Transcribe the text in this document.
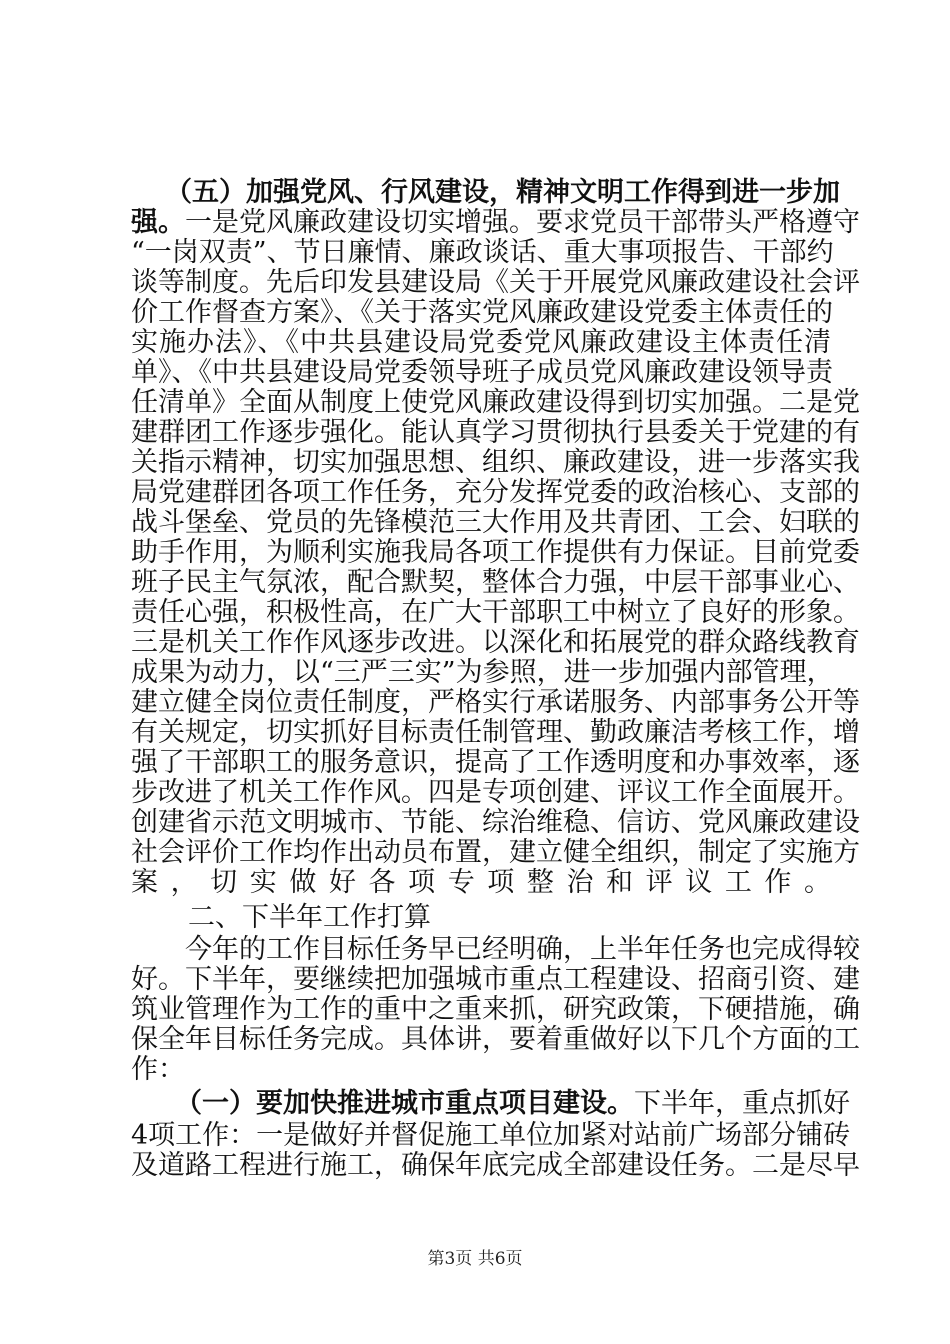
（五）加强党风、行风建设，精神文明工作得到进一步加
强。一是党风廉政建设切实增强。要求党员干部带头严格遵守
“一岗双责”、节日廉情、廉政谈话、重大事项报告、干部约
谈等制度。先后印发县建设局《关于开展党风廉政建设社会评
价工作督查方案》、《关于落实党风廉政建设党委主体责任的
实施办法》、《中共县建设局党委党风廉政建设主体责任清
单》、《中共县建设局党委领导班子成员党风廉政建设领导责
任清单》全面从制度上使党风廉政建设得到切实加强。二是党
建群团工作逐步强化。能认真学习贯彻执行县委关于党建的有
关指示精神，切实加强思想、组织、廉政建设，进一步落实我
局党建群团各项工作任务，充分发挥党委的政治核心、支部的
战斗堡垒、党员的先锋模范三大作用及共青团、工会、妇联的
助手作用，为顺利实施我局各项工作提供有力保证。目前党委
班子民主气氛浓，配合默契，整体合力强，中层干部事业心、
责任心强，积极性高，在广大干部职工中树立了良好的形象。
三是机关工作作风逐步改进。以深化和拓展党的群众路线教育
成果为动力，以“三严三实”为参照，进一步加强内部管理，
建立健全岗位责任制度，严格实行承诺服务、内部事务公开等
有关规定，切实抓好目标责任制管理、勤政廉洁考核工作，增
强了干部职工的服务意识，提高了工作透明度和办事效率，逐
步改进了机关工作作风。四是专项创建、评议工作全面展开。
创建省示范文明城市、节能、综治维稳、信访、党风廉政建设
社会评价工作均作出动员布置，建立健全组织，制定了实施方
案，切实做好各项专项整治和评议工作。
二、下半年工作打算
今年的工作目标任务早已经明确，上半年任务也完成得较
好。下半年，要继续把加强城市重点工程建设、招商引资、建
筑业管理作为工作的重中之重来抓，研究政策，下硬措施，确
保全年目标任务完成。具体讲，要着重做好以下几个方面的工
作：
（一）要加快推进城市重点项目建设。下半年，重点抓好
4项工作：一是做好并督促施工单位加紧对站前广场部分铺砖
及道路工程进行施工，确保年底完成全部建设任务。二是尽早
第3页 共6页
